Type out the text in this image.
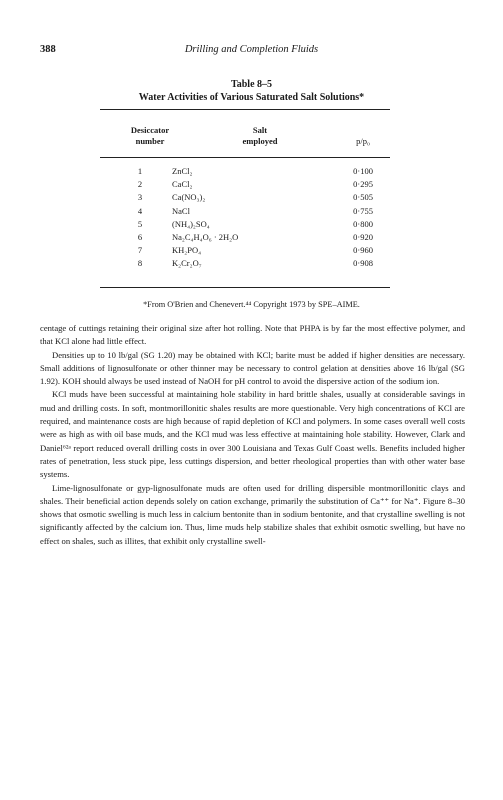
388	Drilling and Completion Fluids
Table 8–5
Water Activities of Various Saturated Salt Solutions*
Desiccator
number
Salt
employed	p/p₀
1	ZnCl₂	0·100
2	CaCl₂	0·295
3	Ca(NO₃)₂	0·505
4	NaCl	0·755
5	(NH₄)₂SO₄	0·800
6	Na₂C₄H₄O₆ · 2H₂O	0·920
7	KH₂PO₄	0·960
8	K₂Cr₂O₇	0·908
*From O'Brien and Chenevert.⁴⁴ Copyright 1973 by SPE–AIME.

centage of cuttings retaining their original size after hot rolling. Note that PHPA is by far the most effective polymer, and that KCl alone had little effect.

Densities up to 10 lb/gal (SG 1.20) may be obtained with KCl; barite must be added if higher densities are necessary. Small additions of lignosulfonate or other thinner may be necessary to control gelation at densities above 16 lb/gal (SG 1.92). KOH should always be used instead of NaOH for pH control to avoid the dispersive action of the sodium ion.

KCl muds have been successful at maintaining hole stability in hard brittle shales, usually at considerable savings in mud and drilling costs. In soft, montmorillonitic shales results are more questionable. Very high concentrations of KCl are required, and maintenance costs are high because of rapid depletion of KCl and polymers. In some cases overall well costs were as high as with oil base muds, and the KCl mud was less effective at maintaining hole stability. However, Clark and Daniel⁶²ᵃ report reduced overall drilling costs in over 300 Louisiana and Texas Gulf Coast wells. Benefits included higher rates of penetration, less stuck pipe, less cuttings dispersion, and better rheological properties than with other water base systems.

Lime-lignosulfonate or gyp-lignosulfonate muds are often used for drilling dispersible montmorillonitic clays and shales. Their beneficial action depends solely on cation exchange, primarily the substitution of Ca⁺⁺ for Na⁺. Figure 8–30 shows that osmotic swelling is much less in calcium bentonite than in sodium bentonite, and that crystalline swelling is not significantly affected by the calcium ion. Thus, lime muds help stabilize shales that exhibit osmotic swelling, but have no effect on shales, such as illites, that exhibit only crystalline swell-
